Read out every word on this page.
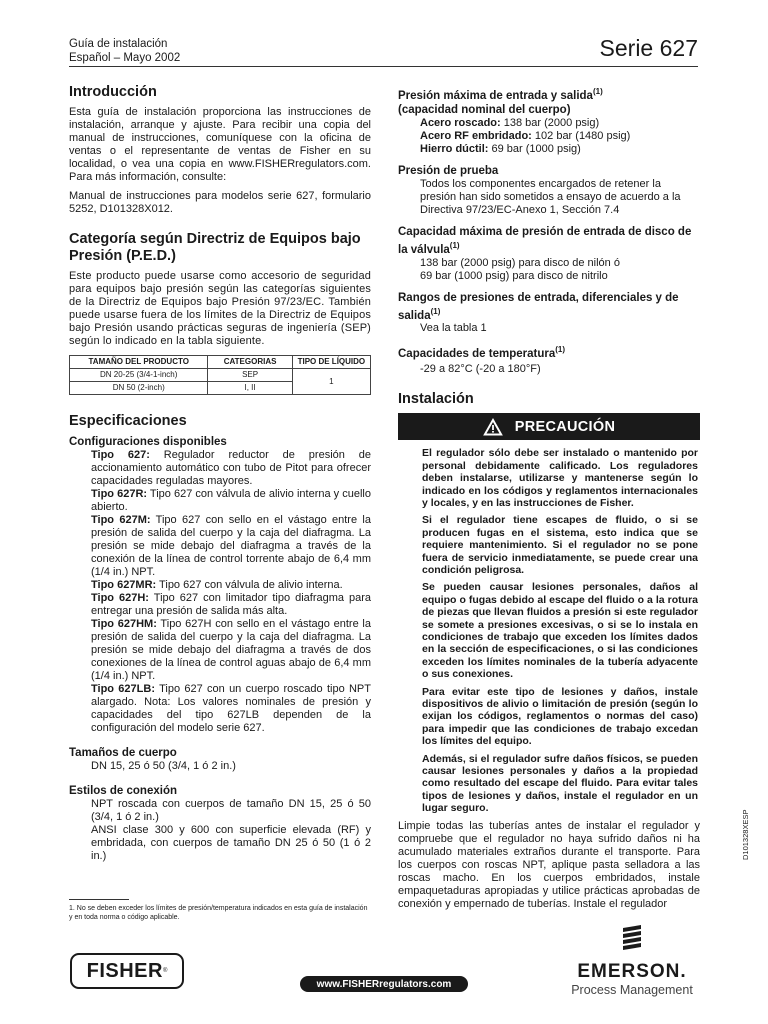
Guía de instalación
Español – Mayo 2002	Serie 627
Introducción

Esta guía de instalación proporciona las instrucciones de instalación, arranque y ajuste. Para recibir una copia del manual de instrucciones, comuníquese con la oficina de ventas o el representante de ventas de Fisher en su localidad, o vea una copia en www.FISHERregulators.com. Para más información, consulte:

Manual de instrucciones para modelos serie 627, formulario 5252, D101328X012.

Categoría según Directriz de Equipos bajo Presión (P.E.D.)

Este producto puede usarse como accesorio de seguridad para equipos bajo presión según las categorías siguientes de la Directriz de Equipos bajo Presión 97/23/EC. También puede usarse fuera de los límites de la Directriz de Equipos bajo Presión usando prácticas seguras de ingeniería (SEP) según lo indicado en la tabla siguiente.

TAMAÑO DEL PRODUCTO	CATEGORIAS	TIPO DE LÍQUIDO
DN 20-25 (3/4-1-inch)	SEP	1
DN 50 (2-inch)	I, II	
Especificaciones
Configuraciones disponibles

Tipo 627: Regulador reductor de presión de accionamiento automático con tubo de Pitot para ofrecer capacidades reguladas mayores.

Tipo 627R: Tipo 627 con válvula de alivio interna y cuello abierto.

Tipo 627M: Tipo 627 con sello en el vástago entre la presión de salida del cuerpo y la caja del diafragma. La presión se mide debajo del diafragma a través de la conexión de la línea de control torrente abajo de 6,4 mm (1/4 in.) NPT.

Tipo 627MR: Tipo 627 con válvula de alivio interna.

Tipo 627H: Tipo 627 con limitador tipo diafragma para entregar una presión de salida más alta.

Tipo 627HM: Tipo 627H con sello en el vástago entre la presión de salida del cuerpo y la caja del diafragma. La presión se mide debajo del diafragma a través de dos conexiones de la línea de control aguas abajo de 6,4 mm (1/4 in.) NPT.

Tipo 627LB: Tipo 627 con un cuerpo roscado tipo NPT alargado. Nota: Los valores nominales de presión y capacidades del tipo 627LB dependen de la configuración del modelo serie 627.

Tamaños de cuerpo

DN 15, 25 ó 50 (3/4, 1 ó 2 in.)

Estilos de conexión

NPT roscada con cuerpos de tamaño DN 15, 25 ó 50 (3/4, 1 ó 2 in.)

ANSI clase 300 y 600 con superficie elevada (RF) y embridada, con cuerpos de tamaño DN 25 ó 50 (1 ó 2 in.)

1. No se deben exceder los límites de presión/temperatura indicados en esta guía de instalación y en toda norma o código aplicable.
Presión máxima de entrada y salida$^{(1)}$
(capacidad nominal del cuerpo)

Acero roscado: 138 bar (2000 psig)

Acero RF embridado: 102 bar (1480 psig)

Hierro dúctil: 69 bar (1000 psig)

Presión de prueba

Todos los componentes encargados de retener la presión han sido sometidos a ensayo de acuerdo a la Directiva 97/23/EC-Anexo 1, Sección 7.4

Capacidad máxima de presión de entrada de disco de la válvula$^{(1)}$

138 bar (2000 psig) para disco de nilón ó

69 bar (1000 psig) para disco de nitrilo

Rangos de presiones de entrada, diferenciales y de salida$^{(1)}$

Vea la tabla 1

Capacidades de temperatura$^{(1)}$

-29 a 82°C (-20 a 180°F)

Instalación
PRECAUCIÓN

El regulador sólo debe ser instalado o mantenido por personal debidamente calificado. Los reguladores deben instalarse, utilizarse y mantenerse según lo indicado en los códigos y reglamentos internacionales y locales, y en las instrucciones de Fisher.

Si el regulador tiene escapes de fluido, o si se producen fugas en el sistema, esto indica que se requiere mantenimiento. Si el regulador no se pone fuera de servicio inmediatamente, se puede crear una condición peligrosa.

Se pueden causar lesiones personales, daños al equipo o fugas debido al escape del fluido o a la rotura de piezas que llevan fluidos a presión si este regulador se somete a presiones excesivas, o si se lo instala en condiciones de trabajo que exceden los límites dados en la sección de especificaciones, o si las condiciones exceden los límites nominales de la tubería adyacente o sus conexiones.

Para evitar este tipo de lesiones y daños, instale dispositivos de alivio o limitación de presión (según lo exijan los códigos, reglamentos o normas del caso) para impedir que las condiciones de trabajo excedan los límites del equipo.

Además, si el regulador sufre daños físicos, se pueden causar lesiones personales y daños a la propiedad como resultado del escape del fluido. Para evitar tales tipos de lesiones y daños, instale el regulador en un lugar seguro.

Limpie todas las tuberías antes de instalar el regulador y compruebe que el regulador no haya sufrido daños ni ha acumulado materiales extraños durante el transporte. Para los cuerpos con roscas NPT, aplique pasta selladora a las roscas macho. En los cuerpos embridados, instale empaquetaduras apropiadas y utilice prácticas aprobadas de conexión y empernado de tuberías. Instale el regulador

D101328XESP
FISHER ®
www.FISHERregulators.com
EMERSON.
Process Management
